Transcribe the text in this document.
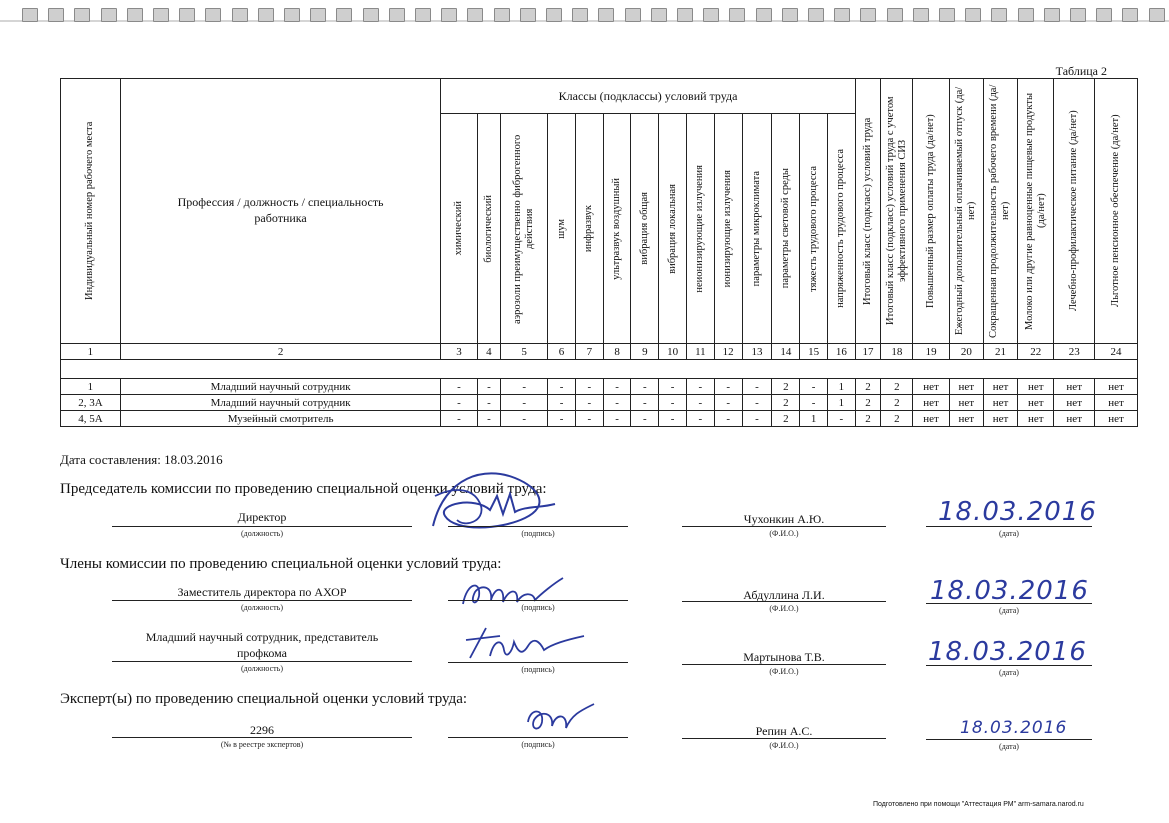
Таблица 2
Индивидуальный номер рабочего места	Профессия / должность / специальность работника	Классы (подклассы) условий труда														Итоговый класс (подкласс) условий труда	Итоговый класс (подкласс) условий труда с учетом эффективного применения СИЗ	Повышенный размер оплаты труда (да/нет)	Ежегодный дополнительный оплачиваемый отпуск (да/ нет)	Сокращенная продолжительность рабочего времени (да/нет)	Молоко или другие равноценные пищевые продукты (да/нет)	Лечебно-профилактическое питание (да/нет)	Льготное пенсионное обеспечение (да/нет)

		химический	биологический	аэрозоли преимущественно фиброгенного действия	шум	инфразвук	ультразвук воздушный	вибрация общая	вибрация локальная	неионизирующие излучения	ионизирующие излучения	параметры микроклимата	параметры световой среды	тяжесть трудового процесса	напряженность трудового процесса								

1	2	3	4	5	6	7	8	9	10	11	12	13	14	15	16	17	18	19	20	21	22	23	24

1	Младший научный сотрудник	-	-	-	-	-	-	-	-	-	-	-	2	-	1	2	2	нет	нет	нет	нет	нет	нет
2, 3А	Младший научный сотрудник	-	-	-	-	-	-	-	-	-	-	-	2	-	1	2	2	нет	нет	нет	нет	нет	нет
4, 5А	Музейный смотритель	-	-	-	-	-	-	-	-	-	-	-	2	1	-	2	2	нет	нет	нет	нет	нет	нет
Дата составления: 18.03.2016
Председатель комиссии по проведению специальной оценки условий труда:
Директор
(должность)	(подпись)
Чухонкин А.Ю.
(Ф.И.О.)
18.03.2016
(дата)
Члены комиссии по проведению специальной оценки условий труда:
Заместитель директора по АХОР
(должность)	(подпись)
Абдуллина Л.И.
(Ф.И.О.)
18.03.2016
(дата)
Младший научный сотрудник, представитель
профкома
(должность)	(подпись)
Мартынова Т.В.
(Ф.И.О.)
18.03.2016
(дата)
Эксперт(ы) по проведению специальной оценки условий труда:
2296
(№ в реестре экспертов)	(подпись)
Репин А.С.
(Ф.И.О.)
18.03.2016
(дата)
Подготовлено при помощи "Аттестация РМ" arm-samara.narod.ru
